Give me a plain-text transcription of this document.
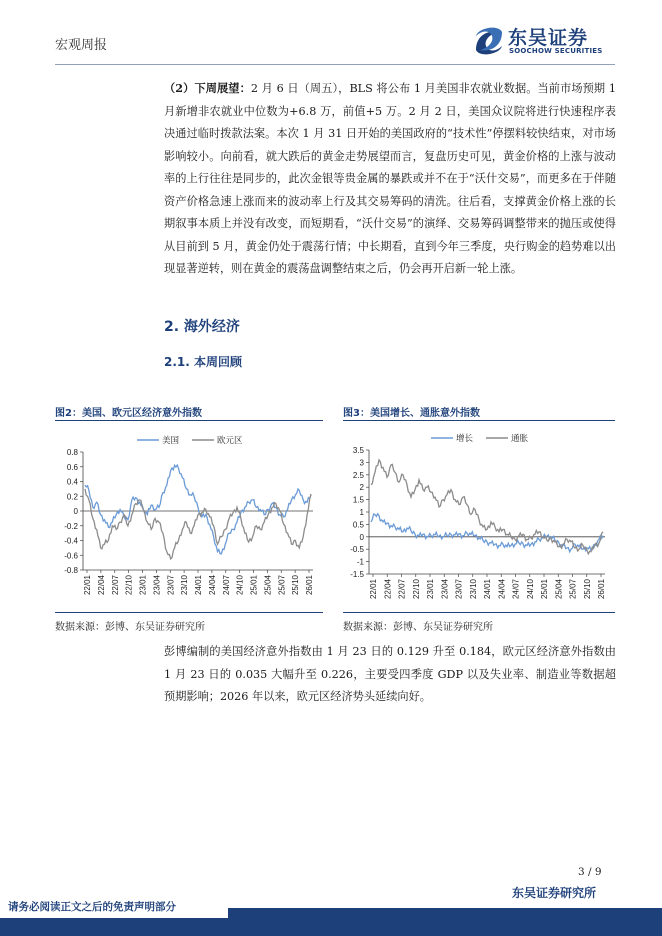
宏观周报	东吴证券
SOOCHOW SECURITIES

（2）下周展望：2 月 6 日（周五），BLS 将公布 1 月美国非农就业数据。当前市场预期 1 月新增非农就业中位数为+6.8 万，前值+5 万。2 月 2 日，美国众议院将进行快速程序表决通过临时拨款法案。本次 1 月 31 日开始的美国政府的“技术性”停摆料较快结束，对市场影响较小。向前看，就大跌后的黄金走势展望而言，复盘历史可见，黄金价格的上涨与波动率的上行往往是同步的，此次金银等贵金属的暴跌或并不在于“沃什交易”，而更多在于伴随资产价格急速上涨而来的波动率上行及其交易筹码的清洗。往后看，支撑黄金价格上涨的长期叙事本质上并没有改变，而短期看，“沃什交易”的演绎、交易筹码调整带来的抛压或使得从目前到 5 月，黄金仍处于震荡行情；中长期看，直到今年三季度，央行购金的趋势难以出现显著逆转，则在黄金的震荡盘调整结束之后，仍会再开启新一轮上涨。

2. 海外经济
2.1. 本周回顾
图2：美国、欧元区经济意外指数
0.8
0.6
0.4
0.2
0
-0.2
-0.4
-0.6
-0.8
22/01 22/04 22/07 22/10 23/01 23/04 23/07 23/10 24/01 24/04 24/07 24/10 25/01 25/04 25/07 25/10 26/01
美国	欧元区
数据来源：彭博、东吴证券研究所
图3：美国增长、通胀意外指数
3.5
3
2.5
2
1.5
1
0.5
0
-0.5
-1
-1.5
22/01 22/04 22/07 22/10 23/01 23/04 23/07 23/10 24/01 24/04 24/07 24/10 25/01 25/04 25/07 25/10 26/01
增长	通胀
数据来源：彭博、东吴证券研究所

彭博编制的美国经济意外指数由 1 月 23 日的 0.129 升至 0.184，欧元区经济意外指数由 1 月 23 日的 0.035 大幅升至 0.226，主要受四季度 GDP 以及失业率、制造业等数据超预期影响；2026 年以来，欧元区经济势头延续向好。

3 / 9
东吴证券研究所
请务必阅读正文之后的免责声明部分
